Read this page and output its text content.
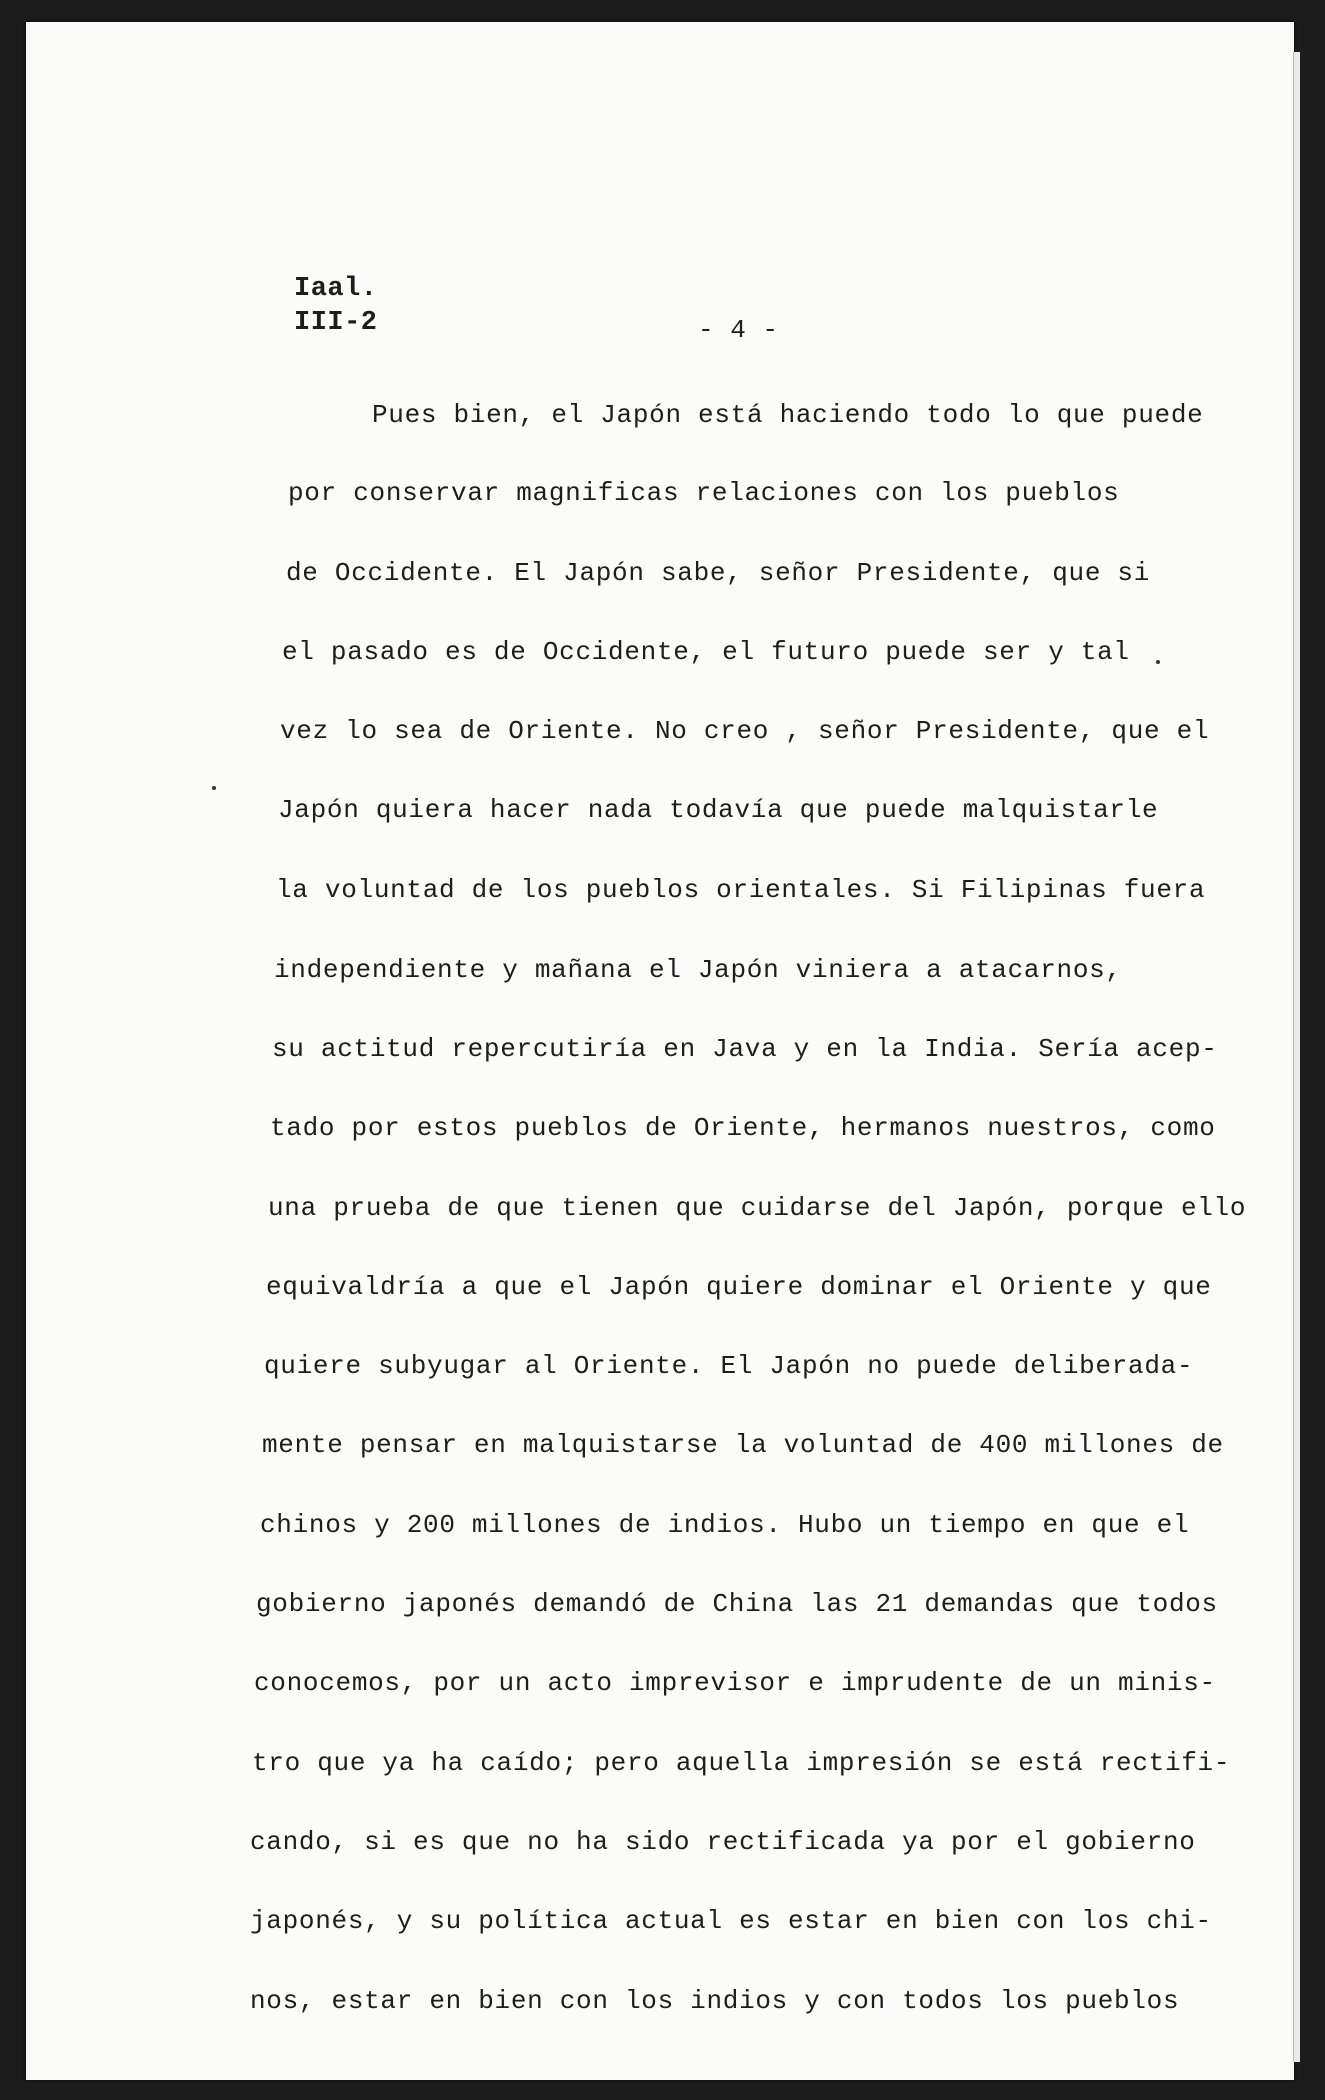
Iaal.
III-2	- 4 -
Pues bien, el Japón está haciendo todo lo que puede
por conservar magnificas relaciones con los pueblos
de Occidente. El Japón sabe, señor Presidente, que si
el pasado es de Occidente, el futuro puede ser y tal
vez lo sea de Oriente. No creo , señor Presidente, que el
Japón quiera hacer nada todavía que puede malquistarle
la voluntad de los pueblos orientales. Si Filipinas fuera
independiente y mañana el Japón viniera a atacarnos,
su actitud repercutiría en Java y en la India. Sería acep-
tado por estos pueblos de Oriente, hermanos nuestros, como
una prueba de que tienen que cuidarse del Japón, porque ello
equivaldría a que el Japón quiere dominar el Oriente y que
quiere subyugar al Oriente. El Japón no puede deliberada-
mente pensar en malquistarse la voluntad de 400 millones de
chinos y 200 millones de indios. Hubo un tiempo en que el
gobierno japonés demandó de China las 21 demandas que todos
conocemos, por un acto imprevisor e imprudente de un minis-
tro que ya ha caído; pero aquella impresión se está rectifi-
cando, si es que no ha sido rectificada ya por el gobierno
japonés, y su política actual es estar en bien con los chi-
nos, estar en bien con los indios y con todos los pueblos
